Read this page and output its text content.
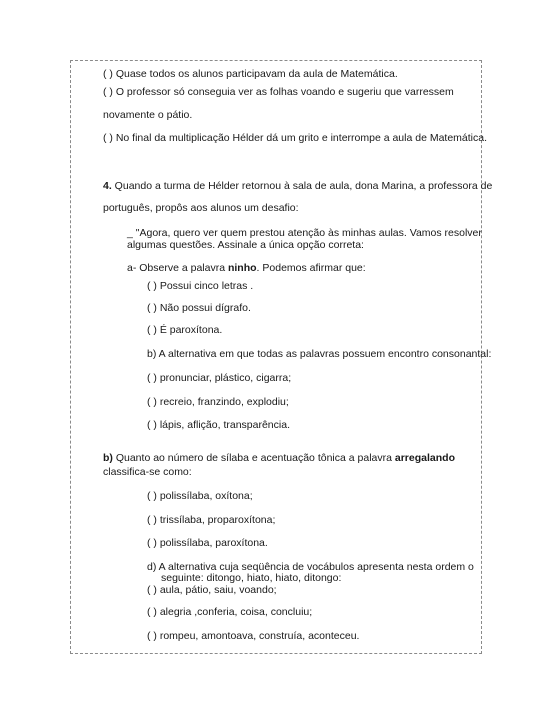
( ) Quase todos os alunos participavam da aula de Matemática.
( ) O professor só conseguia ver as folhas voando e sugeriu que varressem
novamente o pátio.
( ) No final da multiplicação Hélder dá um grito e interrompe a aula de Matemática.
4. Quando a turma de Hélder retornou à sala de aula, dona Marina, a professora de
português, propôs aos alunos um desafio:
_ "Agora, quero ver quem prestou atenção às minhas aulas. Vamos resolver
algumas questões. Assinale a única opção correta:
a- Observe a palavra ninho. Podemos afirmar que:
( ) Possui cinco letras .
( ) Não possui dígrafo.
( ) É paroxítona.
b) A alternativa em que todas as palavras possuem encontro consonantal:
( ) pronunciar, plástico, cigarra;
( ) recreio, franzindo, explodiu;
( ) lápis, aflição, transparência.
b) Quanto ao número de sílaba e acentuação tônica a palavra arregalando
classifica-se como:
( ) polissílaba, oxítona;
( ) trissílaba, proparoxítona;
( ) polissílaba, paroxítona.
d) A alternativa cuja seqüência de vocábulos apresenta nesta ordem o
seguinte: ditongo, hiato, hiato, ditongo:
( ) aula, pátio, saiu, voando;
( ) alegria ,conferia, coisa, concluiu;
( ) rompeu, amontoava, construía, aconteceu.
